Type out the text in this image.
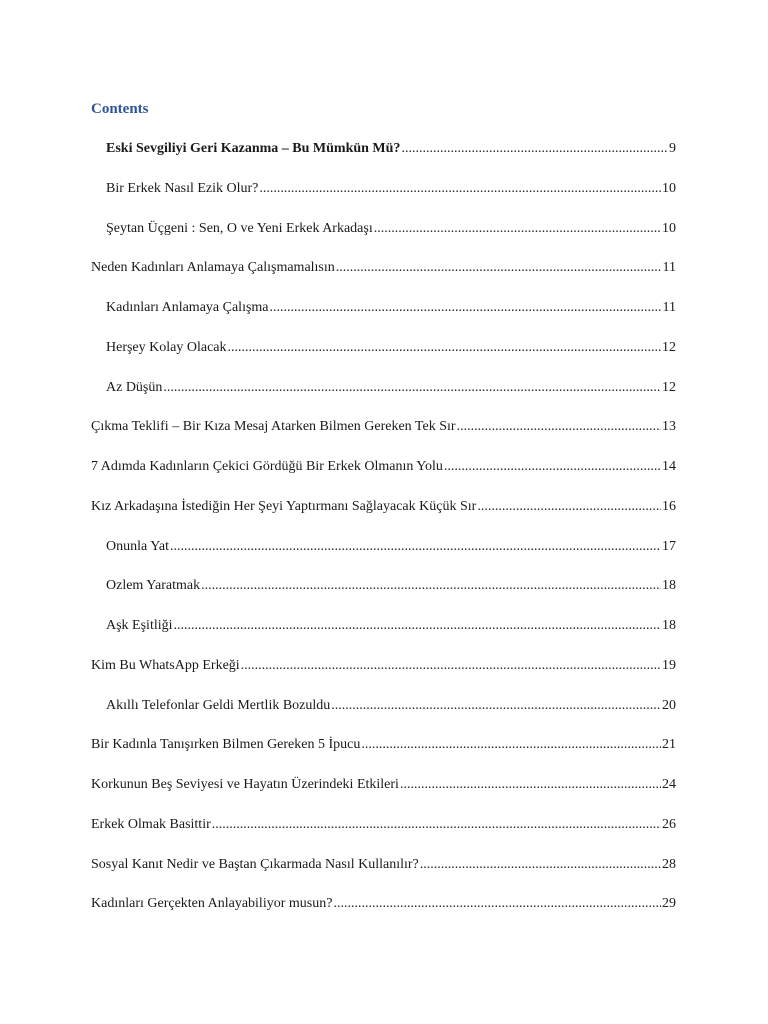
Contents
Eski Sevgiliyi Geri Kazanma – Bu Mümkün Mü? .....	9
Bir Erkek Nasıl Ezik Olur? .....	10
Şeytan Üçgeni : Sen, O ve Yeni Erkek Arkadaşı .....	10
Neden Kadınları Anlamaya Çalışmamalısın .....	11
Kadınları Anlamaya Çalışma .....	11
Herşey Kolay Olacak .....	12
Az Düşün .....	12
Çıkma Teklifi – Bir Kıza Mesaj Atarken Bilmen Gereken Tek Sır .....	13
7 Adımda Kadınların Çekici Gördüğü Bir Erkek Olmanın Yolu .....	14
Kız Arkadaşına İstediğin Her Şeyi Yaptırmanı Sağlayacak Küçük Sır .....	16
Onunla Yat .....	17
Ozlem Yaratmak .....	18
Aşk Eşitliği .....	18
Kim Bu WhatsApp Erkeği .....	19
Akıllı Telefonlar Geldi Mertlik Bozuldu .....	20
Bir Kadınla Tanışırken Bilmen Gereken 5 İpucu .....	21
Korkunun Beş Seviyesi ve Hayatın Üzerindeki Etkileri .....	24
Erkek Olmak Basittir .....	26
Sosyal Kanıt Nedir ve Baştan Çıkarmada Nasıl Kullanılır? .....	28
Kadınları Gerçekten Anlayabiliyor musun? .....	29
